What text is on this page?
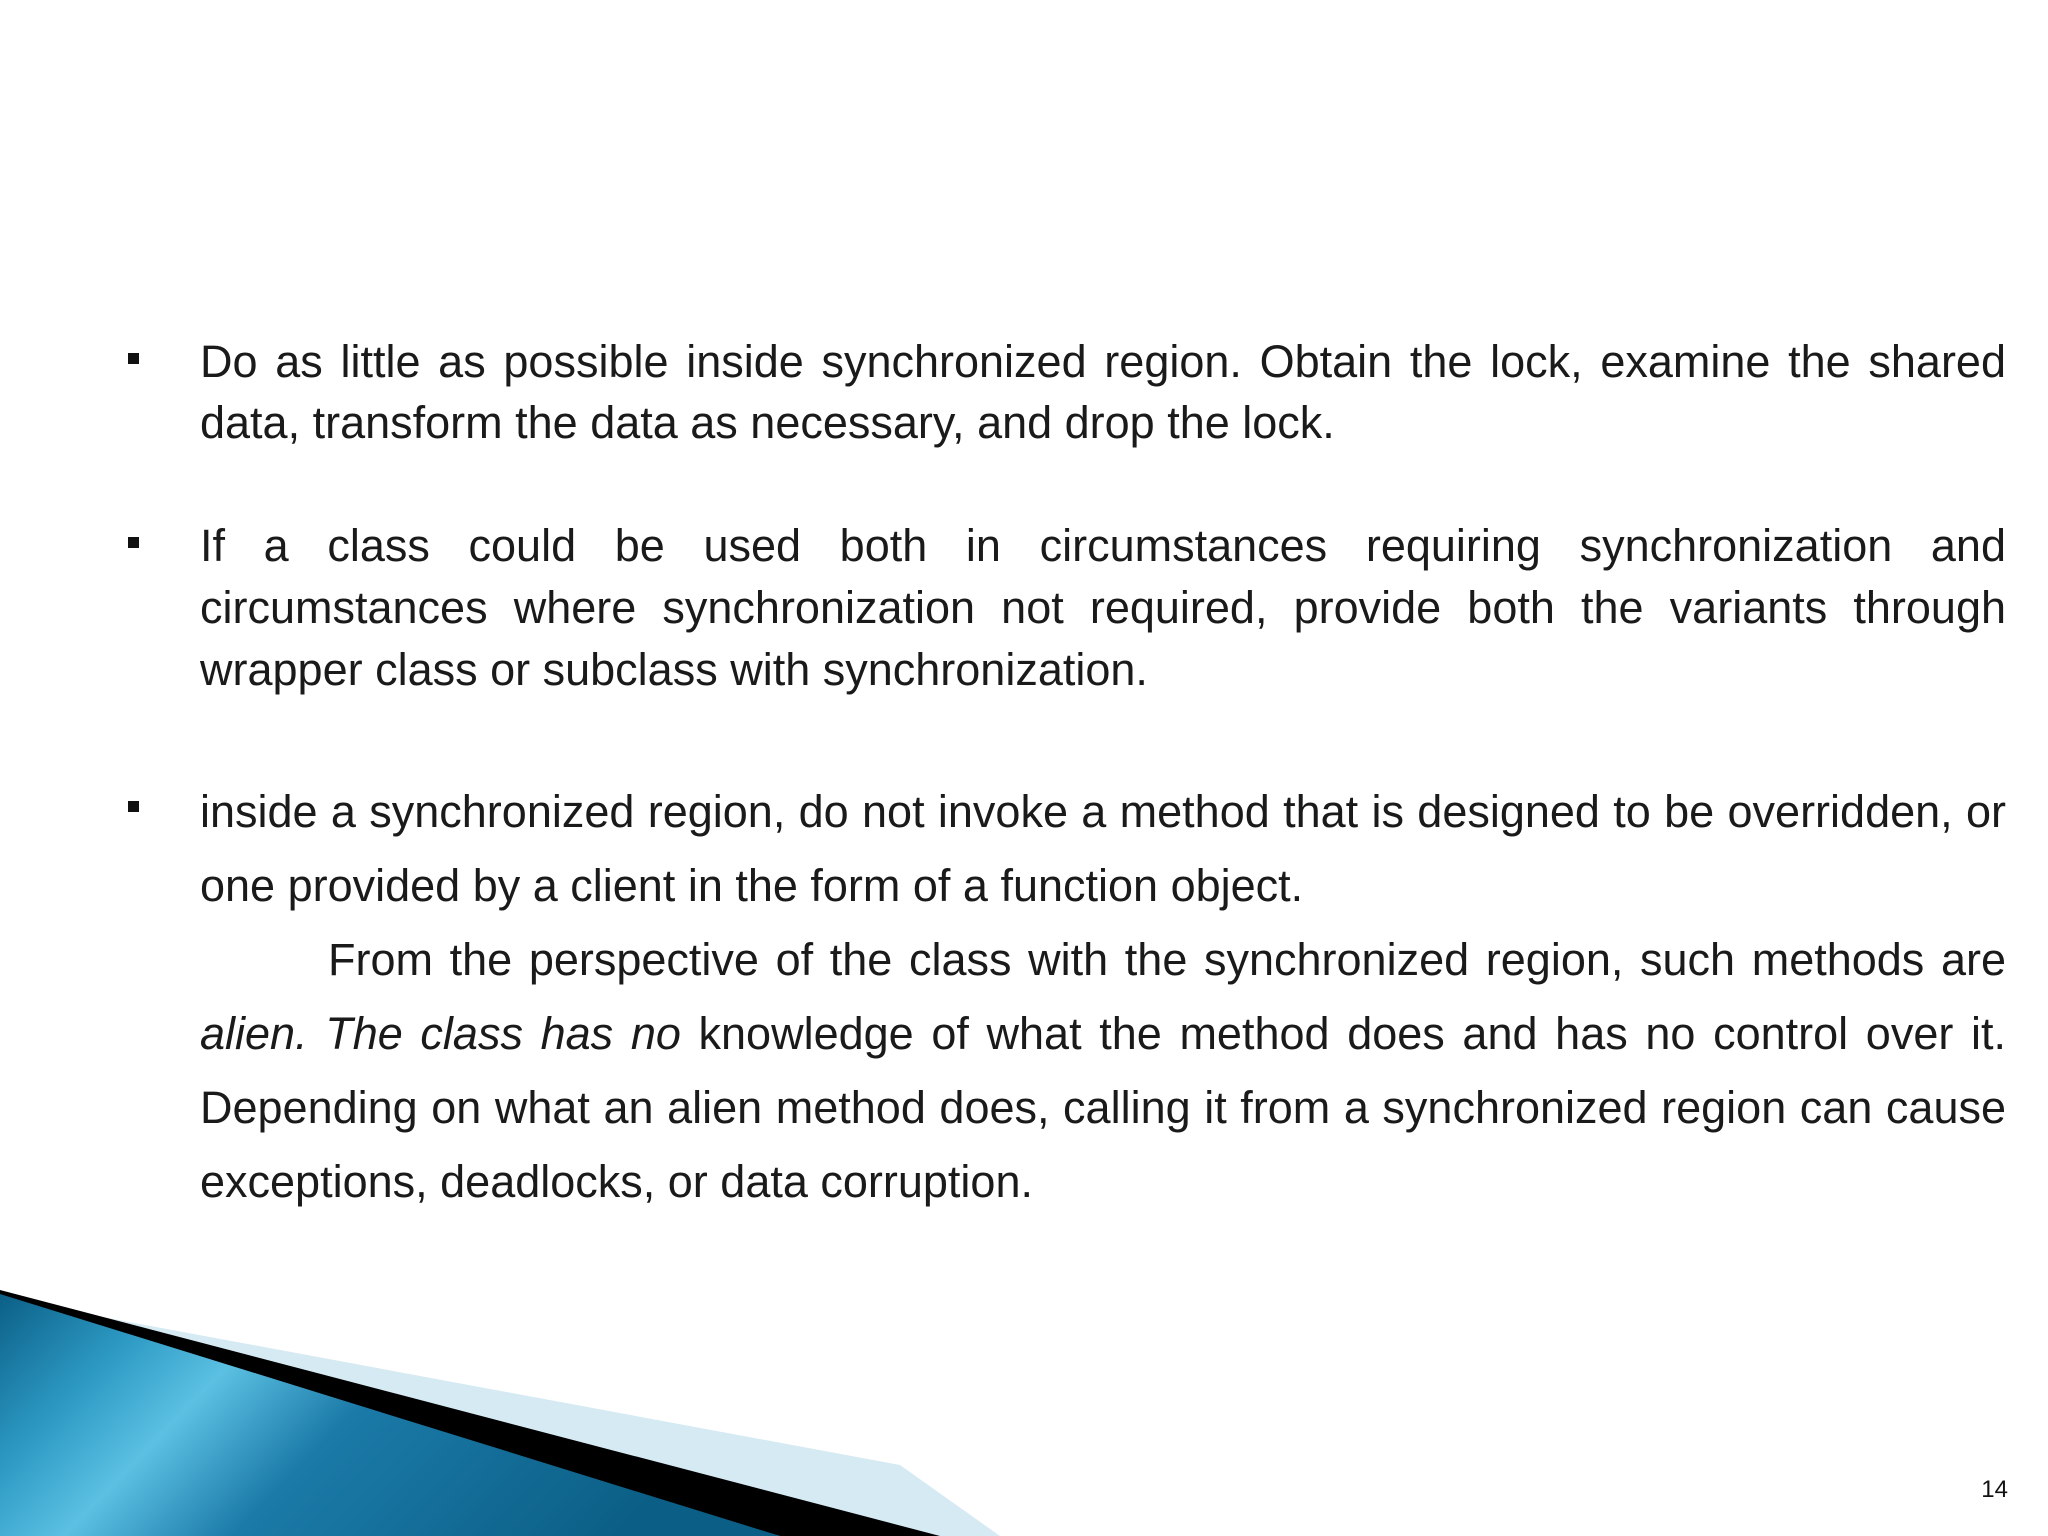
Do as little as possible inside synchronized region. Obtain the lock, examine the shared data, transform the data as necessary, and drop the lock.
If a class could be used both in circumstances requiring synchronization and circumstances where synchronization not required, provide both the variants through wrapper class or subclass with synchronization.
inside a synchronized region, do not invoke a method that is designed to be overridden, or one provided by a client in the form of a function object.
From the perspective of the class with the synchronized region, such methods are alien. The class has no knowledge of what the method does and has no control over it. Depending on what an alien method does, calling it from a synchronized region can cause exceptions, deadlocks, or data corruption.
14
